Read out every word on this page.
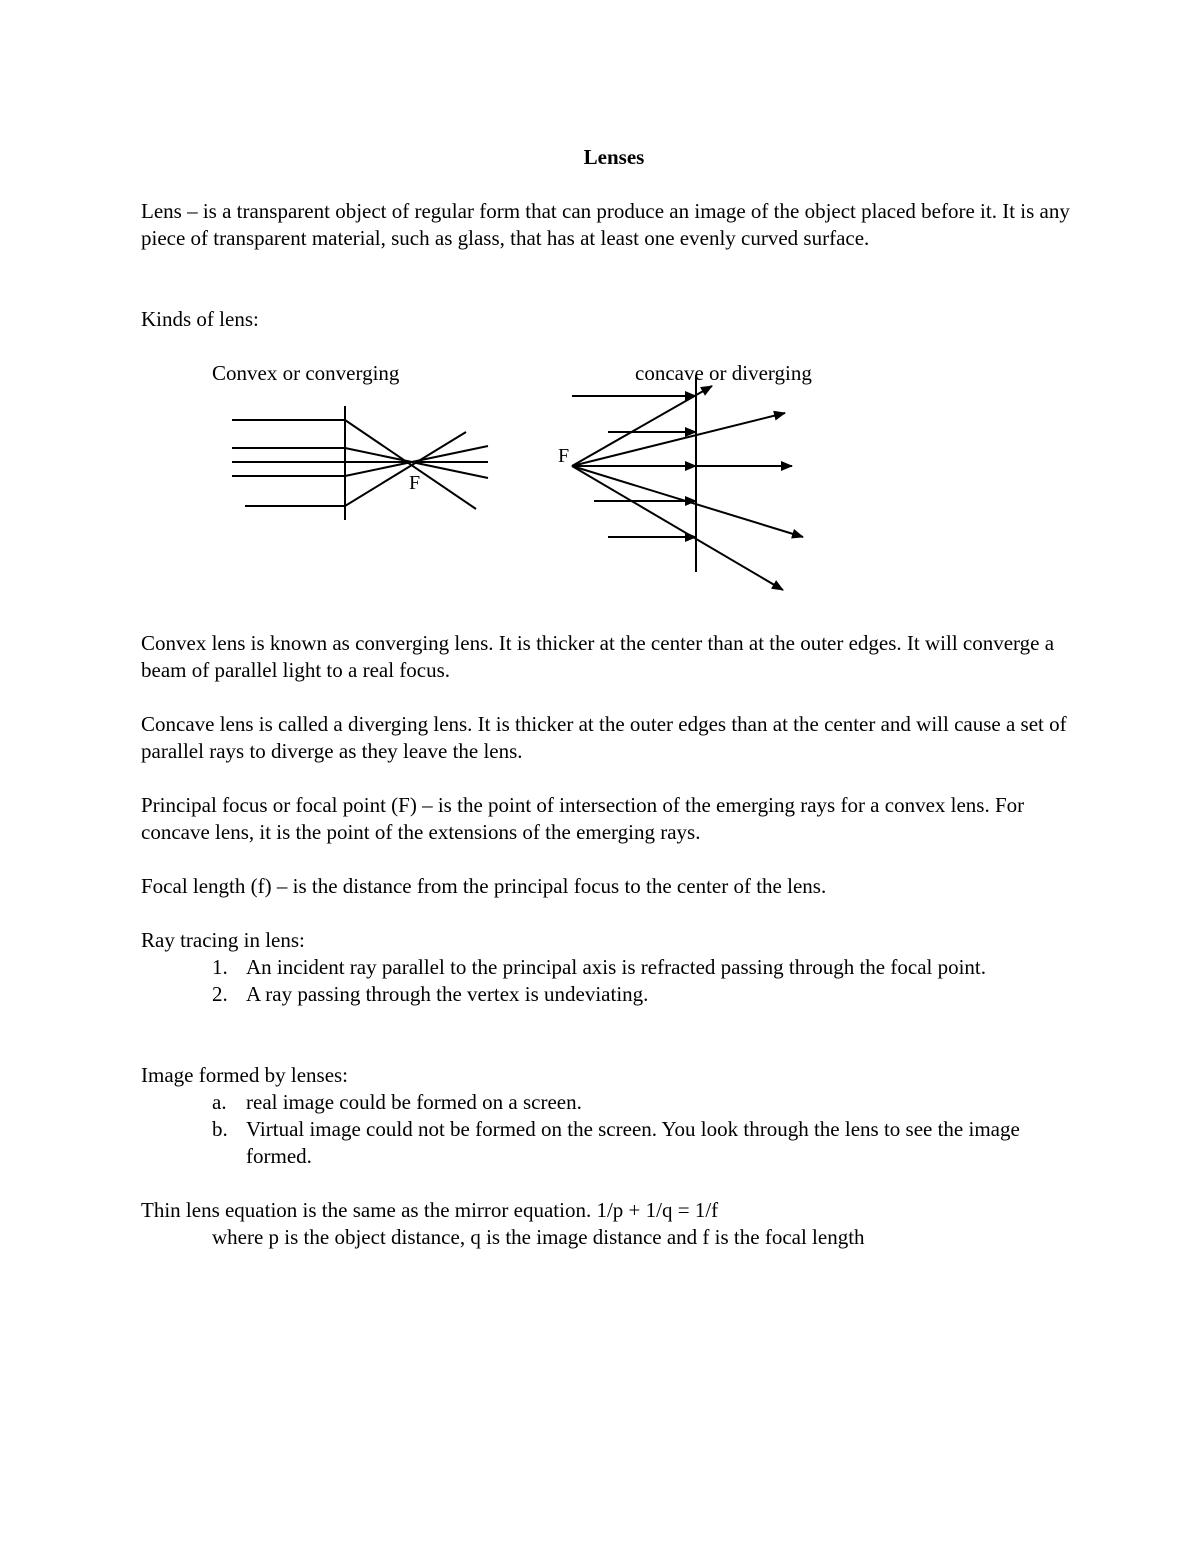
F
F
Lenses

Lens – is a transparent object of regular form that can produce an image of the object placed before it. It is any piece of transparent material, such as glass, that has at least one evenly curved surface.

Kinds of lens:

Convex or converging	concave or diverging

Convex lens is known as converging lens. It is thicker at the center than at the outer edges. It will converge a beam of parallel light to a real focus.

Concave lens is called a diverging lens. It is thicker at the outer edges than at the center and will cause a set of parallel rays to diverge as they leave the lens.

Principal focus or focal point (F) – is the point of intersection of the emerging rays for a convex lens. For concave lens, it is the point of the extensions of the emerging rays.

Focal length (f) – is the distance from the principal focus to the center of the lens.

Ray tracing in lens:

1. An incident ray parallel to the principal axis is refracted passing through the focal point.
2. A ray passing through the vertex is undeviating.

Image formed by lenses:

a. real image could be formed on a screen.
b. Virtual image could not be formed on the screen. You look through the lens to see the image formed.

Thin lens equation is the same as the mirror equation. 1/p + 1/q = 1/f

where p is the object distance, q is the image distance and f is the focal length
